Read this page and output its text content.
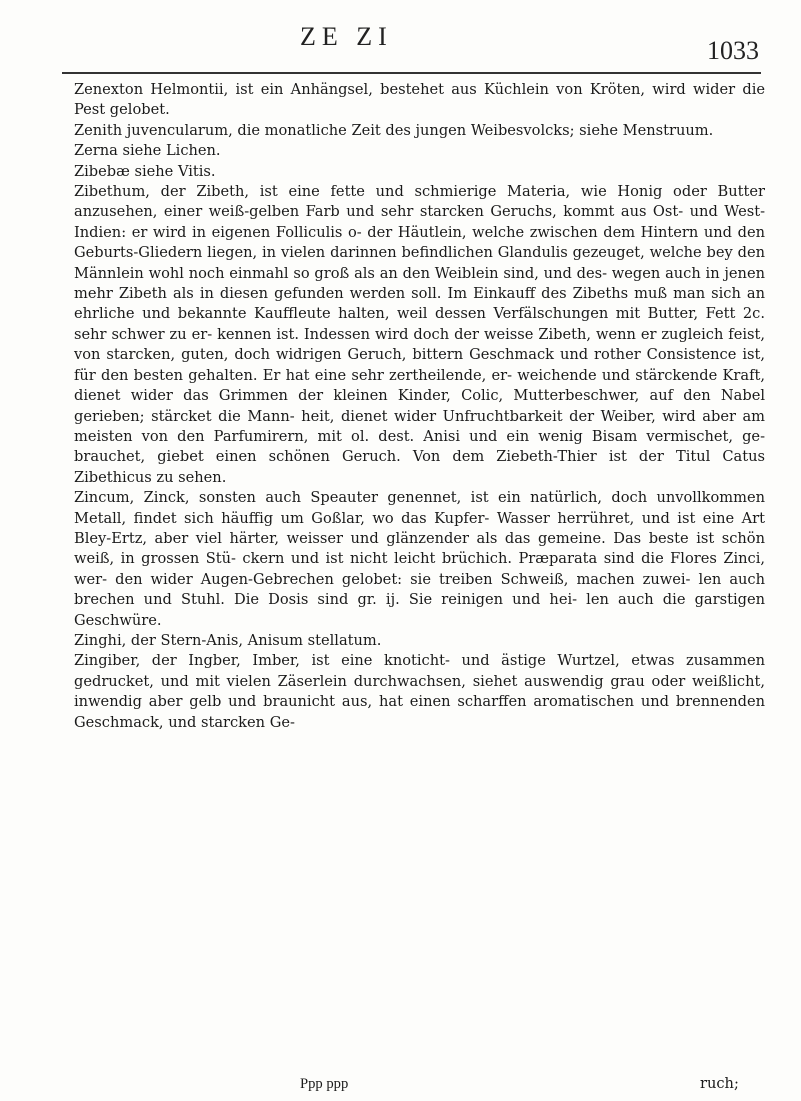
ZE ZI	1033

Zenexton Helmontii, ist ein Anhängsel, bestehet aus Küchlein von Kröten, wird wider die Pest gelobet.

Zenith juvencularum, die monatliche Zeit des jungen Weibesvolcks; siehe Menstruum.

Zerna siehe Lichen.

Zibebæ siehe Vitis.

Zibethum, der Zibeth, ist eine fette und schmierige Materia, wie Honig oder Butter anzusehen, einer weiß-gelben Farb und sehr starcken Geruchs, kommt aus Ost- und West-Indien: er wird in eigenen Folliculis o- der Häutlein, welche zwischen dem Hintern und den Geburts-Gliedern liegen, in vielen darinnen befindlichen Glandulis gezeuget, welche bey den Männlein wohl noch einmahl so groß als an den Weiblein sind, und des- wegen auch in jenen mehr Zibeth als in diesen gefunden werden soll. Im Einkauff des Zibeths muß man sich an ehrliche und bekannte Kauffleute halten, weil dessen Verfälschungen mit Butter, Fett 2c. sehr schwer zu er- kennen ist. Indessen wird doch der weisse Zibeth, wenn er zugleich feist, von starcken, guten, doch widrigen Geruch, bittern Geschmack und rother Consistence ist, für den besten gehalten. Er hat eine sehr zertheilende, er- weichende und stärckende Kraft, dienet wider das Grimmen der kleinen Kinder, Colic, Mutterbeschwer, auf den Nabel gerieben; stärcket die Mann- heit, dienet wider Unfruchtbarkeit der Weiber, wird aber am meisten von den Parfumirern, mit ol. dest. Anisi und ein wenig Bisam vermischet, ge- brauchet, giebet einen schönen Geruch. Von dem Ziebeth-Thier ist der Titul Catus Zibethicus zu sehen.

Zincum, Zinck, sonsten auch Speauter genennet, ist ein natürlich, doch unvollkommen Metall, findet sich häuffig um Goßlar, wo das Kupfer- Wasser herrühret, und ist eine Art Bley-Ertz, aber viel härter, weisser und glänzender als das gemeine. Das beste ist schön weiß, in grossen Stü- ckern und ist nicht leicht brüchich. Præparata sind die Flores Zinci, wer- den wider Augen-Gebrechen gelobet: sie treiben Schweiß, machen zuwei- len auch brechen und Stuhl. Die Dosis sind gr. ij. Sie reinigen und hei- len auch die garstigen Geschwüre.

Zinghi, der Stern-Anis, Anisum stellatum.

Zingiber, der Ingber, Imber, ist eine knoticht- und ästige Wurtzel, etwas zusammen gedrucket, und mit vielen Zäserlein durchwachsen, siehet auswendig grau oder weißlicht, inwendig aber gelb und braunicht aus, hat einen scharffen aromatischen und brennenden Geschmack, und starcken Ge-

Ppp ppp	ruch;
